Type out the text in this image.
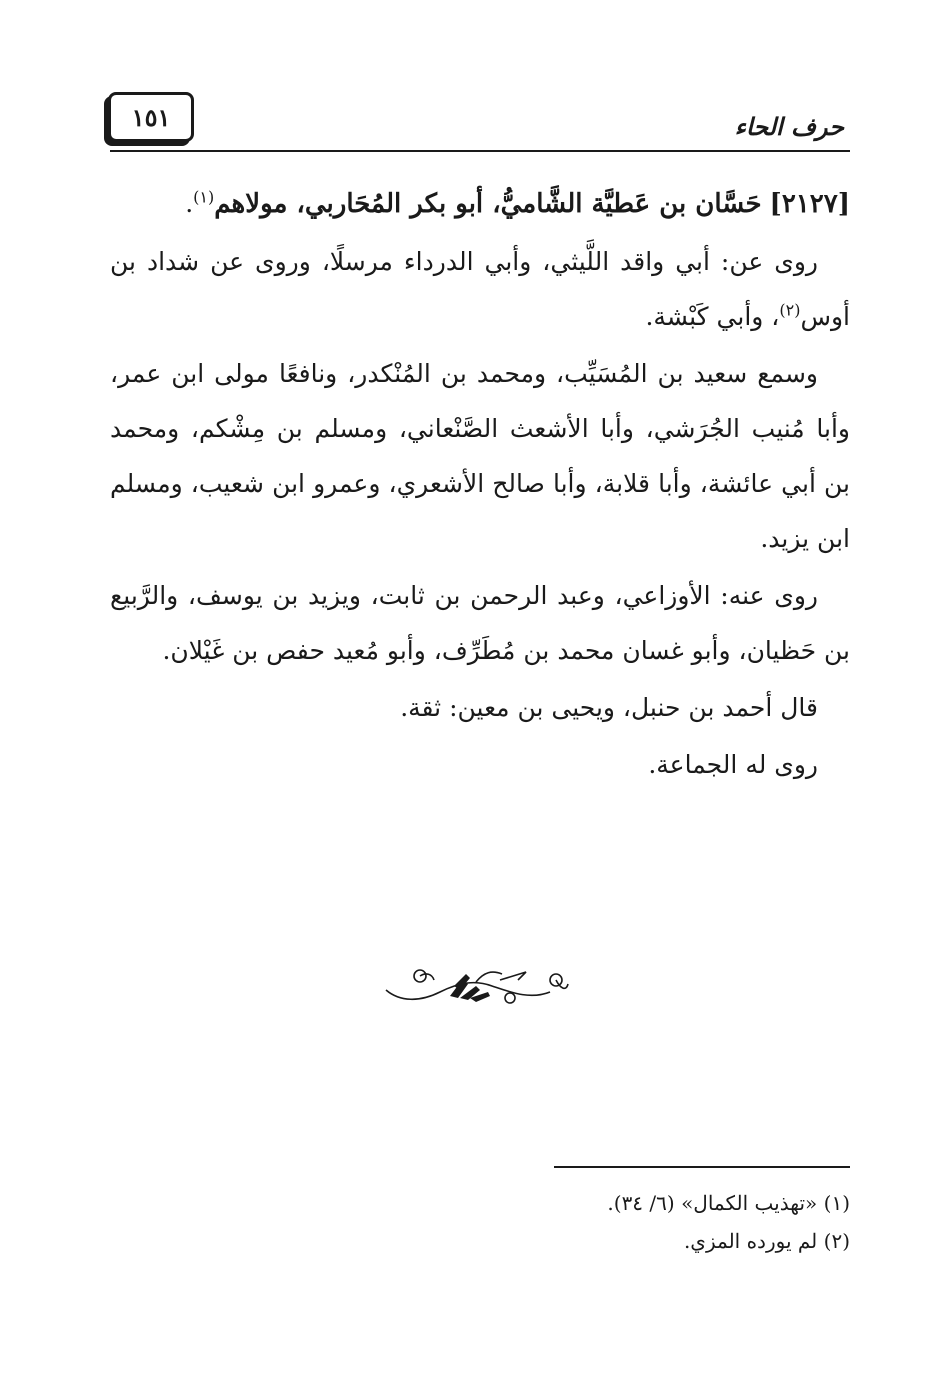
حرف الحاء
١٥١

[٢١٢٧] حَسَّان بن عَطيَّة الشَّاميُّ، أبو بكر المُحَاربي، مولاهم$^{(١)}$.

روى عن: أبي واقد اللَّيثي، وأبي الدرداء مرسلًا، وروى عن شداد بن أوس$^{(٢)}$، وأبي كَبْشة.

وسمع سعيد بن المُسَيِّب، ومحمد بن المُنْكدر، ونافعًا مولى ابن عمر، وأبا مُنيب الجُرَشي، وأبا الأشعث الصَّنْعاني، ومسلم بن مِشْكم، ومحمد بن أبي عائشة، وأبا قلابة، وأبا صالح الأشعري، وعمرو ابن شعيب، ومسلم ابن يزيد.

روى عنه: الأوزاعي، وعبد الرحمن بن ثابت، ويزيد بن يوسف، والرَّبيع بن حَظيان، وأبو غسان محمد بن مُطَرِّف، وأبو مُعيد حفص بن غَيْلان.

قال أحمد بن حنبل، ويحيى بن معين: ثقة.

روى له الجماعة.

(١) «تهذيب الكمال» (٦/ ٣٤).
(٢) لم يورده المزي.
